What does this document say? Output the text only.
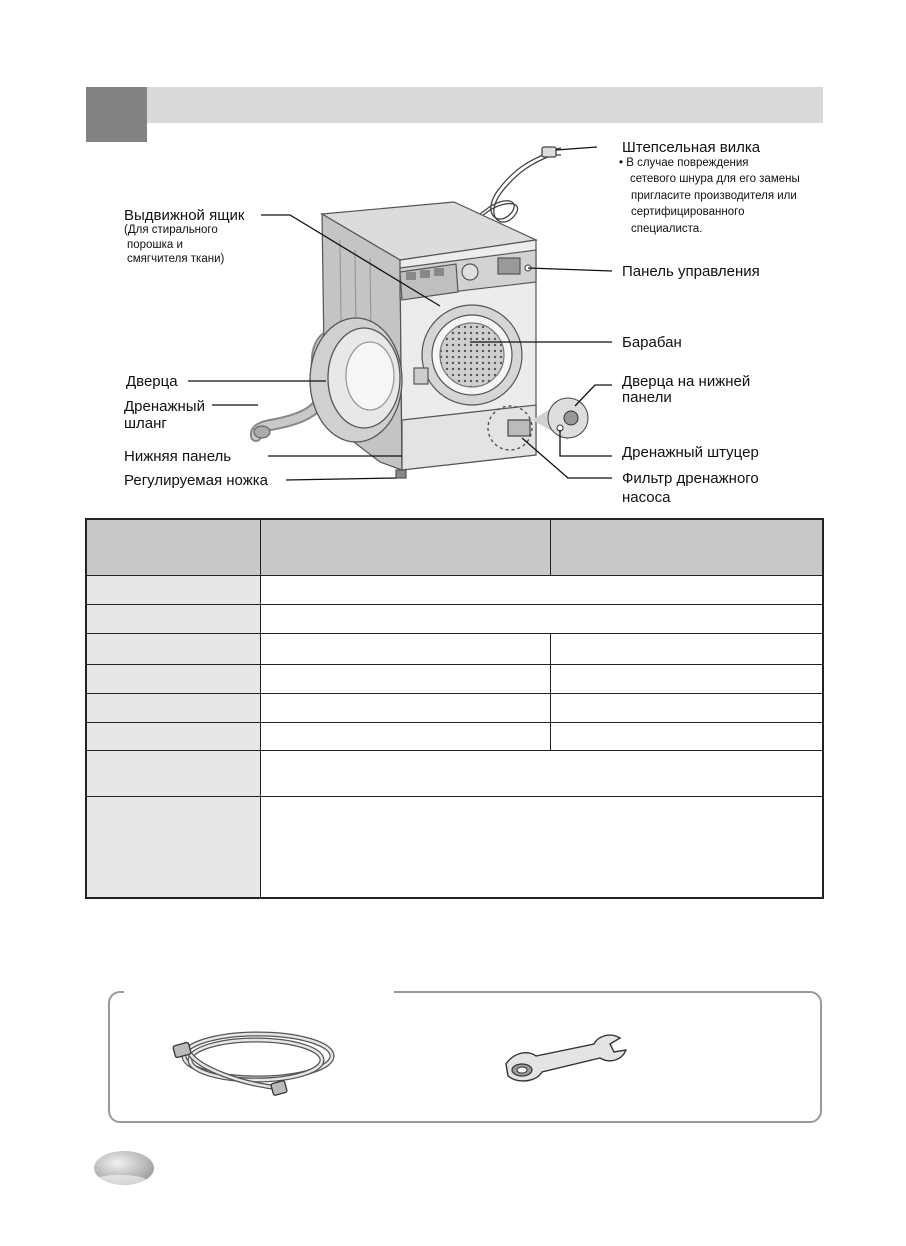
Штепсельная вилка
• В случае повреждения
сетевого шнура для его замены
пригласите производителя или
сертифицированного
специалиста.
Выдвижной ящик
(Для стирального
порошка и
смягчителя ткани)
Панель управления
Барабан
Дверца	Дверца на нижней
панели
Дренажный
шланг
Дренажный штуцер
Нижняя панель
Фильтр дренажного
Регулируемая ножка
насоса
